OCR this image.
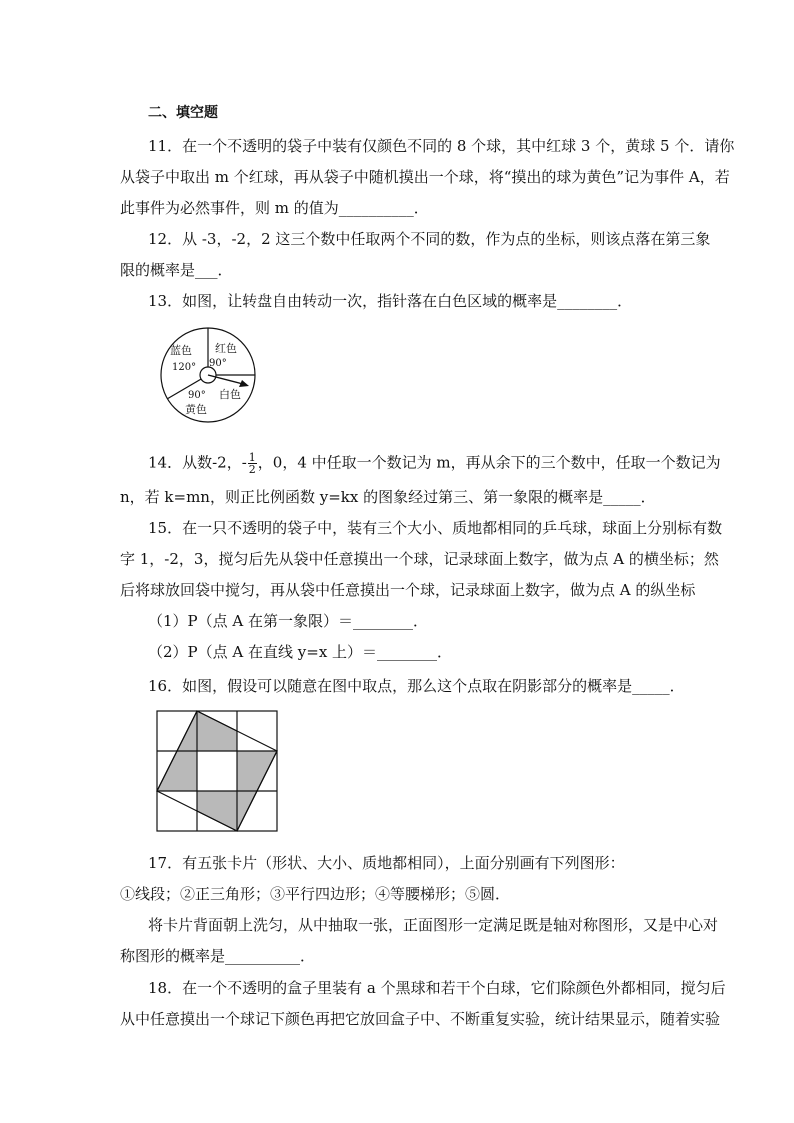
二、填空题
11．在一个不透明的袋子中装有仅颜色不同的 8 个球，其中红球 3 个，黄球 5 个．请你
从袋子中取出 m 个红球，再从袋子中随机摸出一个球，将“摸出的球为黄色”记为事件 A，若
此事件为必然事件，则 m 的值为__________．
12．从 -3，-2，2 这三个数中任取两个不同的数，作为点的坐标，则该点落在第三象
限的概率是___．
13．如图，让转盘自由转动一次，指针落在白色区域的概率是________．
蓝色
120°
红色
90°
白色
90°
黄色
14．从数-2，- $\frac{1}{2}$ ，0，4 中任取一个数记为 m，再从余下的三个数中，任取一个数记为
n，若 k=mn，则正比例函数 y=kx 的图象经过第三、第一象限的概率是_____．
15．在一只不透明的袋子中，装有三个大小、质地都相同的乒乓球，球面上分别标有数
字 1，-2，3，搅匀后先从袋中任意摸出一个球，记录球面上数字，做为点 A 的横坐标；然
后将球放回袋中搅匀，再从袋中任意摸出一个球，记录球面上数字，做为点 A 的纵坐标
（1）P（点 A 在第一象限）＝________．
（2）P（点 A 在直线 y=x 上）＝________．
16．如图，假设可以随意在图中取点，那么这个点取在阴影部分的概率是_____．
17．有五张卡片（形状、大小、质地都相同），上面分别画有下列图形：
①线段；②正三角形；③平行四边形；④等腰梯形；⑤圆．
将卡片背面朝上洗匀，从中抽取一张，正面图形一定满足既是轴对称图形，又是中心对
称图形的概率是__________．
18．在一个不透明的盒子里装有 a 个黑球和若干个白球，它们除颜色外都相同，搅匀后
从中任意摸出一个球记下颜色再把它放回盒子中、不断重复实验，统计结果显示，随着实验
